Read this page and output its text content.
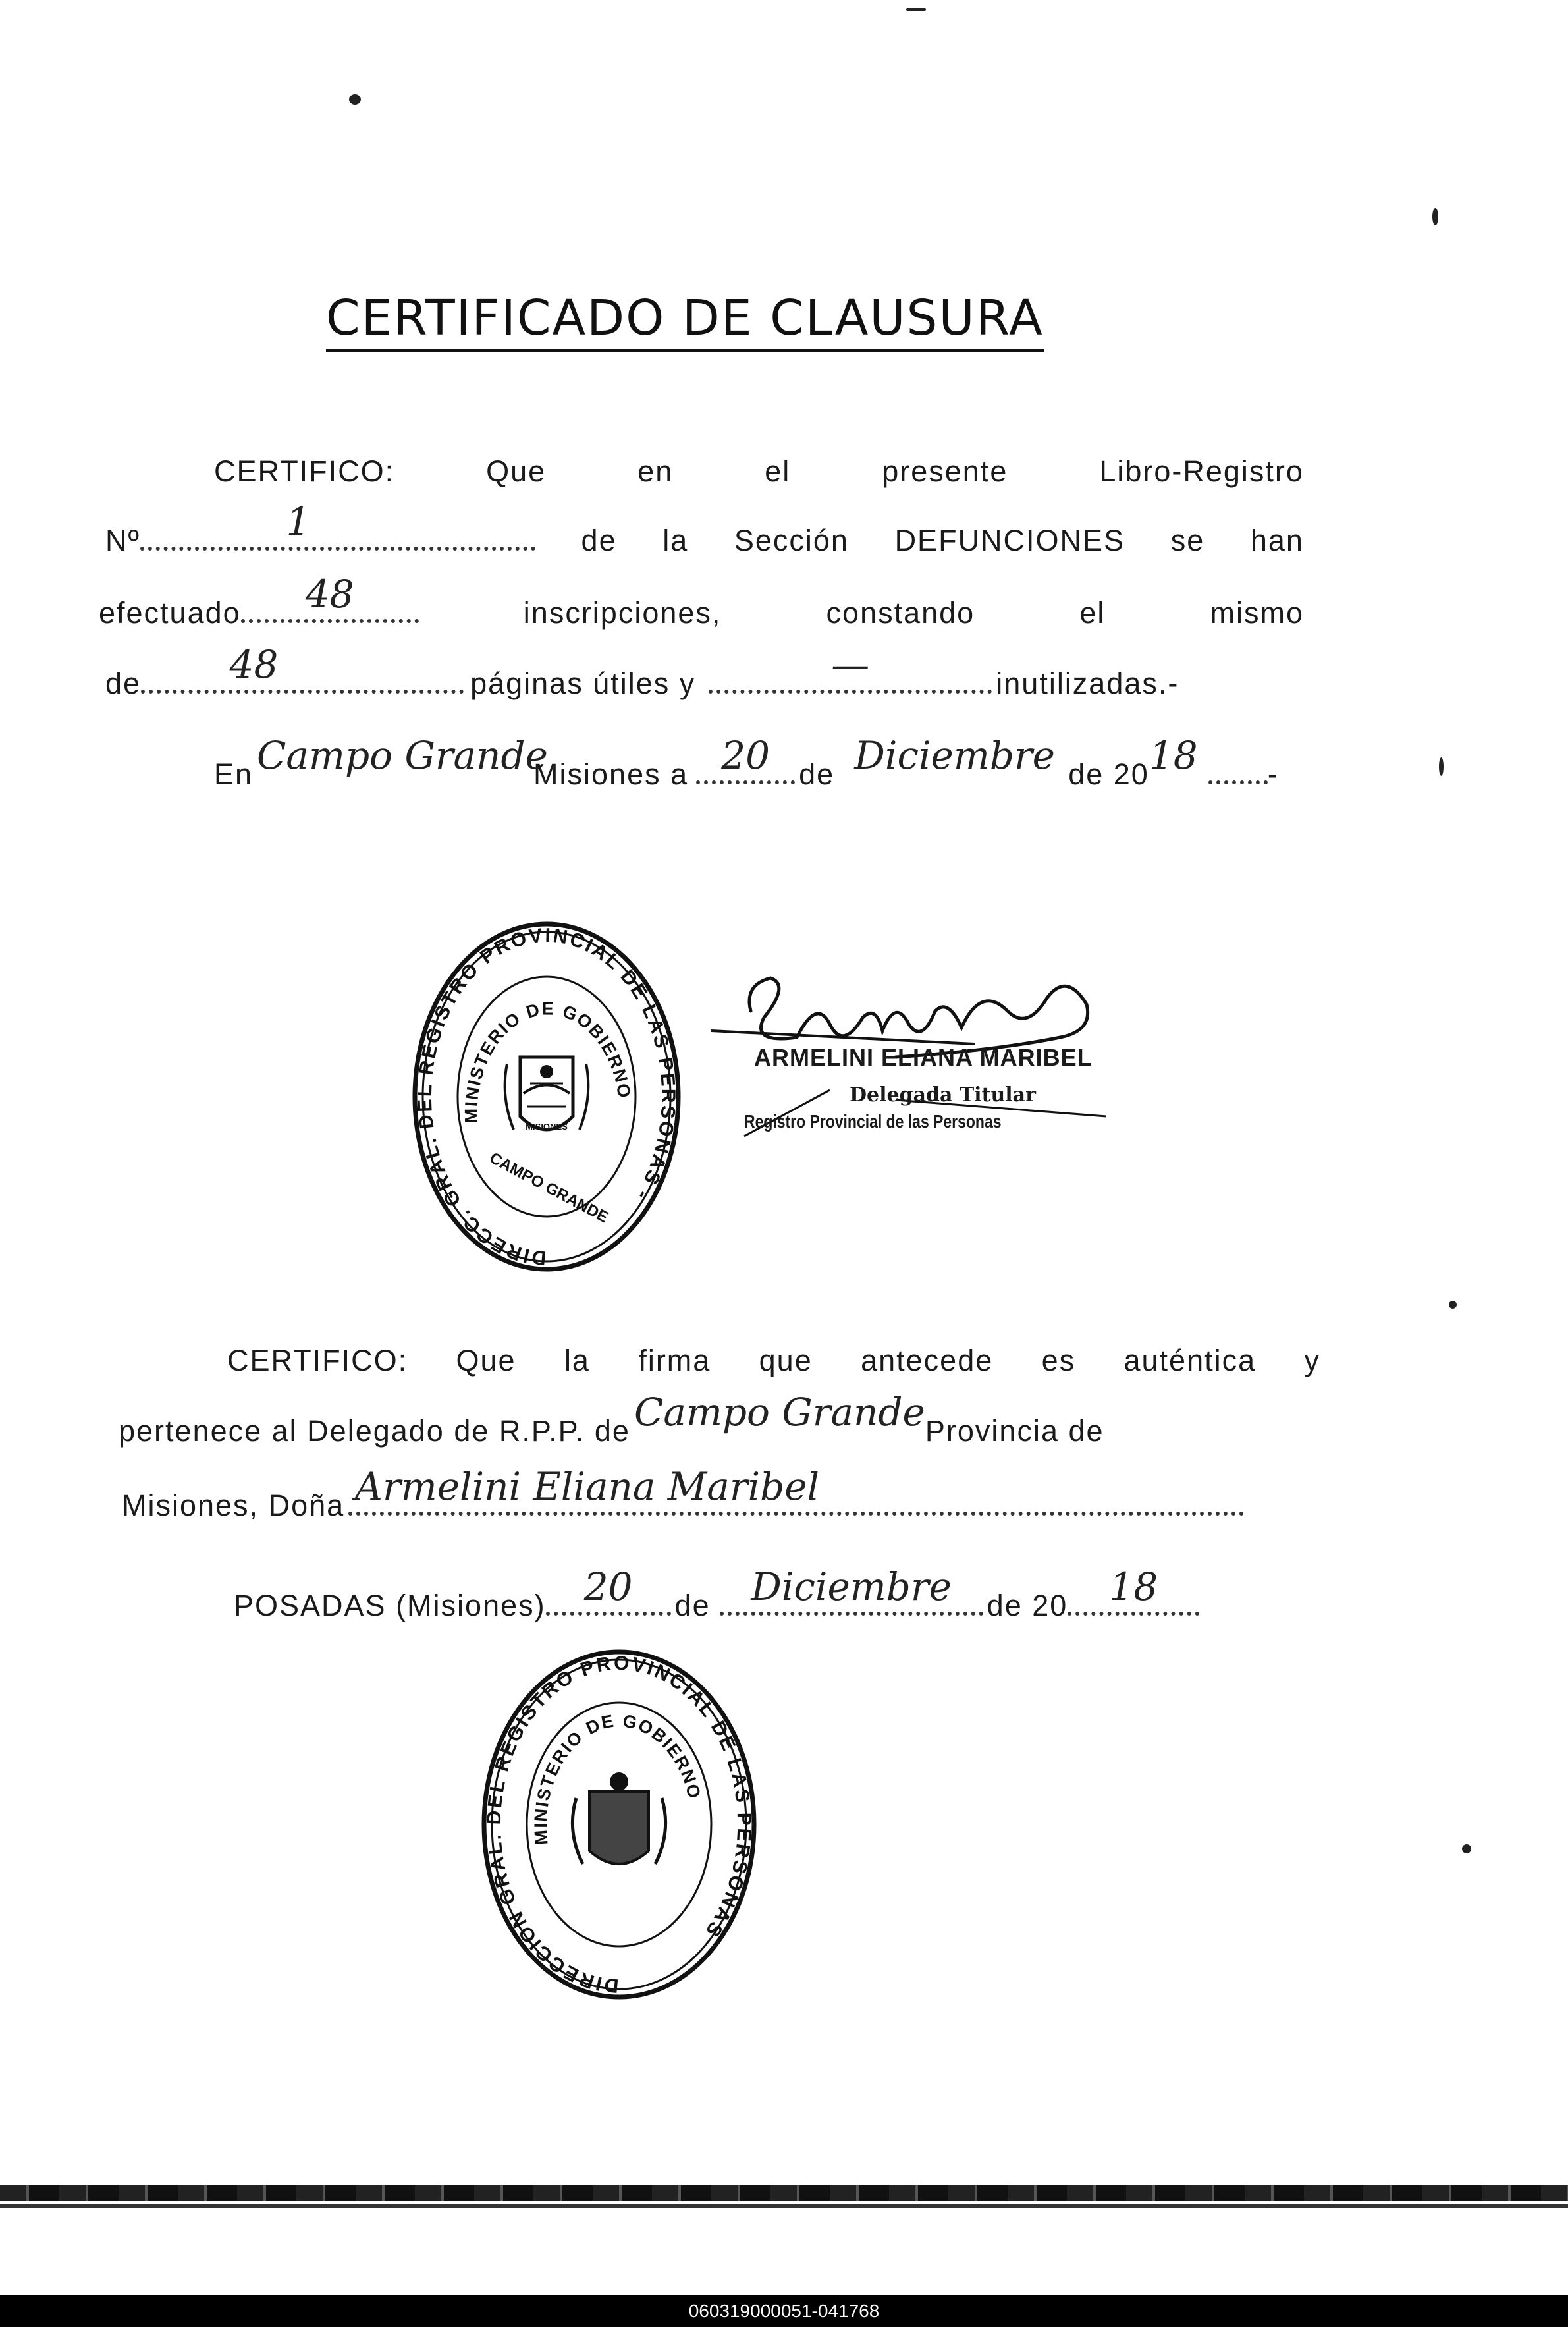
CERTIFICADO DE CLAUSURA
CERTIFICO:	Que	en	el	presente	Libro-Registro
Nº	1	de la Sección DEFUNCIONES se han
efectuado 48	inscripciones,	constando	el	mismo
de 48	páginas útiles y	—	inutilizadas.-
En Campo Grande
Misiones a 20 de Diciembre de 20 18 -
DIRECC. GRAL. DEL REGISTRO PROVINCIAL DE LAS PERSONAS -
MINISTERIO DE GOBIERNO
MISIONES
CAMPO GRANDE
ARMELINI ELIANA MARIBEL
Delegada Titular
Registro Provincial de las Personas
CERTIFICO: Que la firma que antecede es auténtica y
pertenece al Delegado de R.P.P. de Campo Grande Provincia de
Misiones, Doña Armelini Eliana Maribel
POSADAS (Misiones) 20 de Diciembre de 20 18
DIRECCION GRAL. DEL REGISTRO PROVINCIAL DE LAS PERSONAS
MINISTERIO DE GOBIERNO
060319000051-041768
